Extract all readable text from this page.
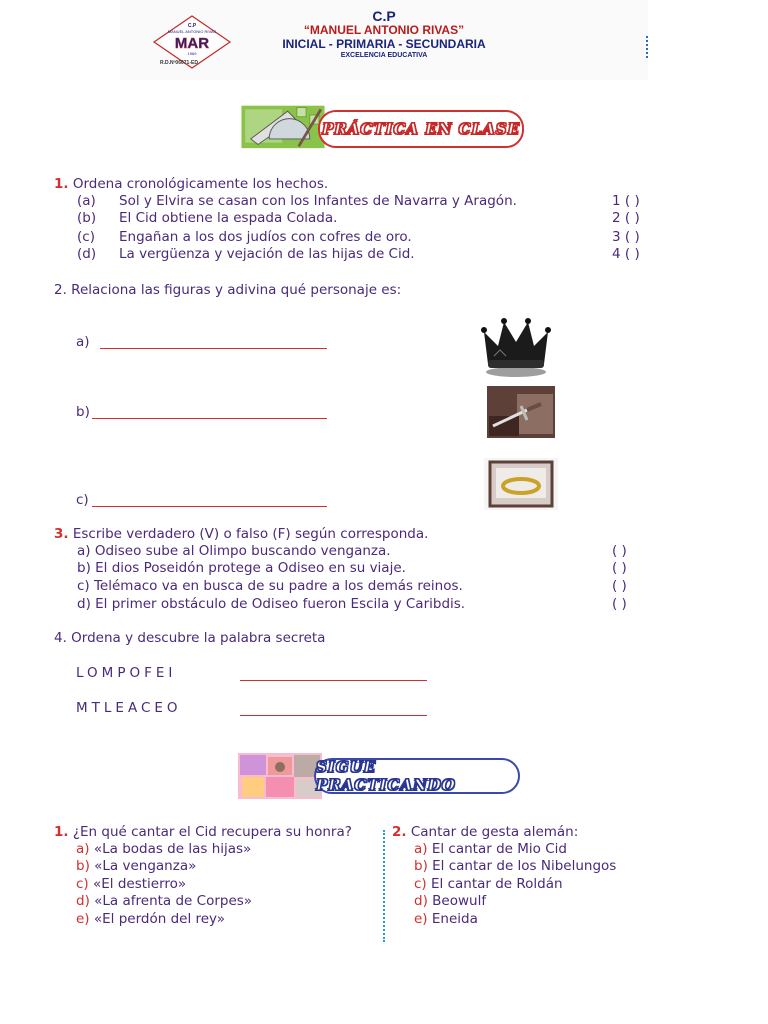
C.P
MANUEL ANTONIO RIVAS
MAR
1969
R.D.Nº06071-ED
C.P
“MANUEL ANTONIO RIVAS”
INICIAL - PRIMARIA - SECUNDARIA
EXCELENCIA EDUCATIVA
PRÁCTICA EN CLASE
1. Ordena cronológicamente los hechos.
(a) Sol y Elvira se casan con los Infantes de Navarra y Aragón.	1 ( )
(b) El Cid obtiene la espada Colada.	2 ( )
(c) Engañan a los dos judíos con cofres de oro.	3 ( )
(d) La vergüenza y vejación de las hijas de Cid.	4 ( )
2. Relaciona las figuras y adivina qué personaje es:
a)
b)
c)
3. Escribe verdadero (V) o falso (F) según corresponda.
a) Odiseo sube al Olimpo buscando venganza.	( )
b) El dios Poseidón protege a Odiseo en su viaje.	( )
c) Telémaco va en busca de su padre a los demás reinos.	( )
d) El primer obstáculo de Odiseo fueron Escila y Caribdis.	( )
4. Ordena y descubre la palabra secreta
LOMPOFEI
MTLEACEO
SIGUE PRACTICANDO
1. ¿En qué cantar el Cid recupera su honra?
a) «La bodas de las hijas»
b) «La venganza»
c) «El destierro»
d) «La afrenta de Corpes»
e) «El perdón del rey»
2. Cantar de gesta alemán:
a) El cantar de Mio Cid
b) El cantar de los Nibelungos
c) El cantar de Roldán
d) Beowulf
e) Eneida
